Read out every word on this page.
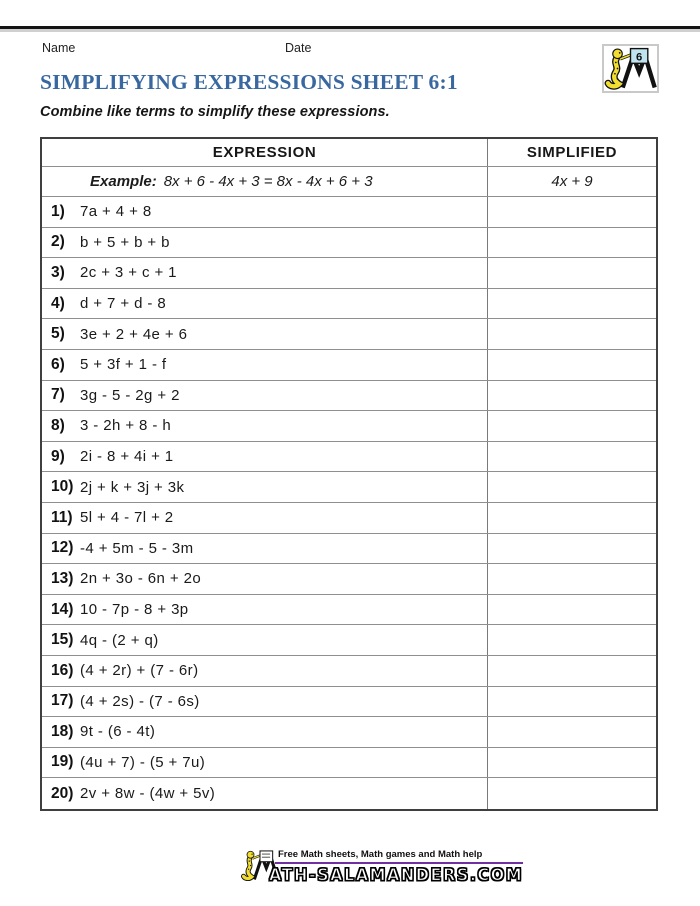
Name	Date
6
SIMPLIFYING EXPRESSIONS SHEET 6:1
Combine like terms to simplify these expressions.
EXPRESSION	SIMPLIFIED
Example: 8x + 6 - 4x + 3 = 8x - 4x + 6 + 3	4x + 9
1)	7a + 4 + 8
2)	b + 5 + b + b
3)	2c + 3 + c + 1
4)	d + 7 + d - 8
5)	3e + 2 + 4e + 6
6)	5 + 3f + 1 - f
7)	3g - 5 - 2g + 2
8)	3 - 2h + 8 - h
9)	2i - 8 + 4i + 1
10) 2j + k + 3j + 3k
11) 5l + 4 - 7l + 2
12) -4 + 5m - 5 - 3m
13) 2n + 3o - 6n + 2o
14) 10 - 7p - 8 + 3p
15) 4q - (2 + q)
16) (4 + 2r) + (7 - 6r)
17) (4 + 2s) - (7 - 6s)
18) 9t - (6 - 4t)
19) (4u + 7) - (5 + 7u)
20) 2v + 8w - (4w + 5v)
Free Math sheets, Math games and Math help
ATH-SALAMANDERS.COM
